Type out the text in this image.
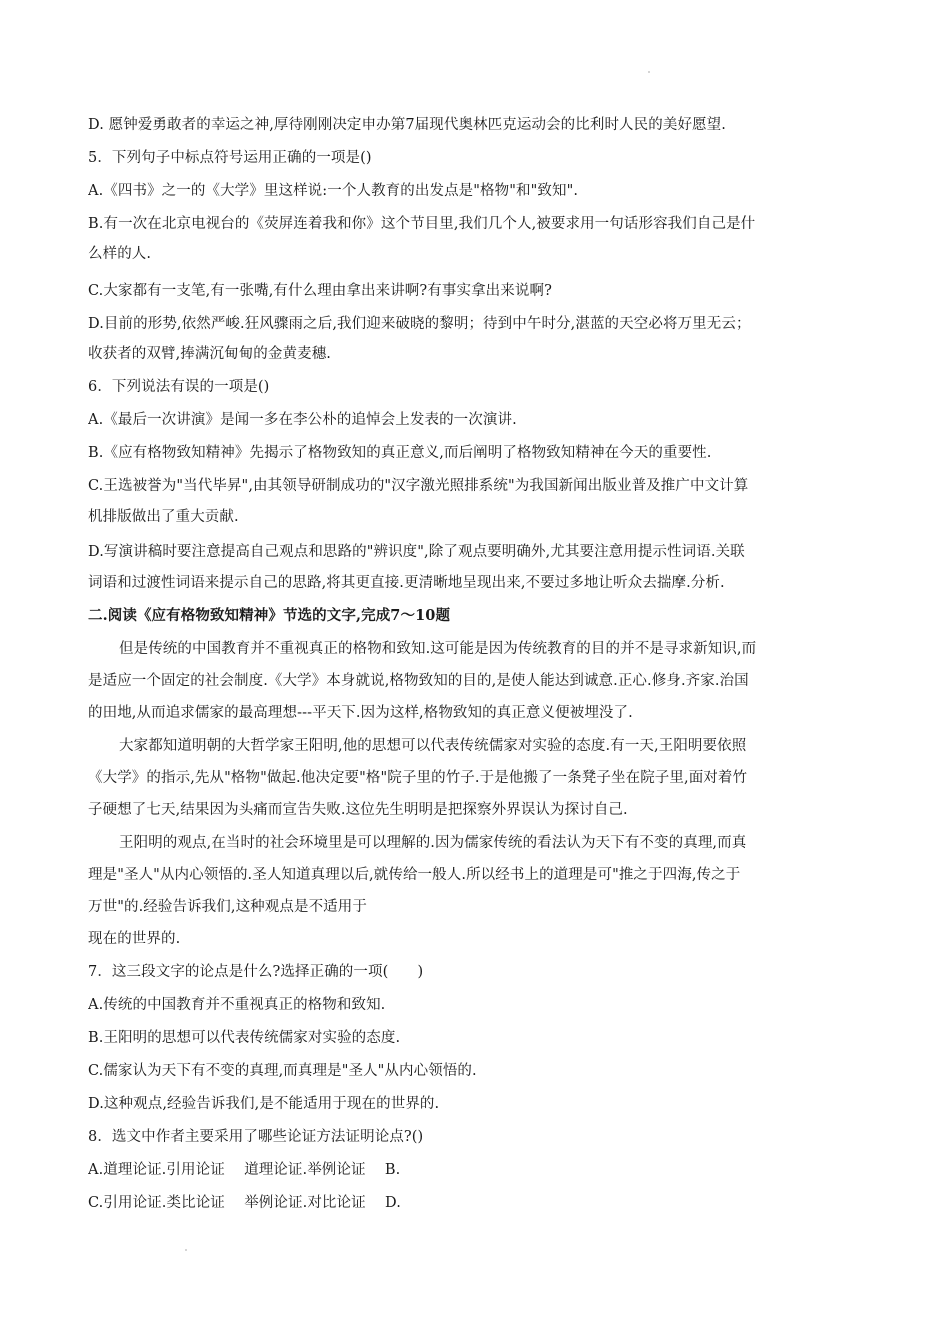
D. 愿钟爱勇敢者的幸运之神,厚待刚刚决定申办第7届现代奥林匹克运动会的比利时人民的美好愿望.
5．下列句子中标点符号运用正确的一项是()
A.《四书》之一的《大学》里这样说:一个人教育的出发点是"格物"和"致知".
B.有一次在北京电视台的《荧屏连着我和你》这个节目里,我们几个人,被要求用一句话形容我们自己是什
么样的人.
C.大家都有一支笔,有一张嘴,有什么理由拿出来讲啊?有事实拿出来说啊?
D.目前的形势,依然严峻.狂风骤雨之后,我们迎来破晓的黎明；待到中午时分,湛蓝的天空必将万里无云；
收获者的双臂,捧满沉甸甸的金黄麦穗.
6．下列说法有误的一项是()
A.《最后一次讲演》是闻一多在李公朴的追悼会上发表的一次演讲.
B.《应有格物致知精神》先揭示了格物致知的真正意义,而后阐明了格物致知精神在今天的重要性.
C.王选被誉为"当代毕昇",由其领导研制成功的"汉字激光照排系统"为我国新闻出版业普及推广中文计算
机排版做出了重大贡献.
D.写演讲稿时要注意提高自己观点和思路的"辨识度",除了观点要明确外,尤其要注意用提示性词语.关联
词语和过渡性词语来提示自己的思路,将其更直接.更清晰地呈现出来,不要过多地让听众去揣摩.分析.
二.阅读《应有格物致知精神》节选的文字,完成7～10题
但是传统的中国教育并不重视真正的格物和致知.这可能是因为传统教育的目的并不是寻求新知识,而
是适应一个固定的社会制度.《大学》本身就说,格物致知的目的,是使人能达到诚意.正心.修身.齐家.治国
的田地,从而追求儒家的最高理想---平天下.因为这样,格物致知的真正意义便被埋没了.
大家都知道明朝的大哲学家王阳明,他的思想可以代表传统儒家对实验的态度.有一天,王阳明要依照
《大学》的指示,先从"格物"做起.他决定要"格"院子里的竹子.于是他搬了一条凳子坐在院子里,面对着竹
子硬想了七天,结果因为头痛而宣告失败.这位先生明明是把探察外界误认为探讨自己.
王阳明的观点,在当时的社会环境里是可以理解的.因为儒家传统的看法认为天下有不变的真理,而真
理是"圣人"从内心领悟的.圣人知道真理以后,就传给一般人.所以经书上的道理是可"推之于四海,传之于
万世"的.经验告诉我们,这种观点是不适用于
现在的世界的.
7．这三段文字的论点是什么?选择正确的一项(　　)
A.传统的中国教育并不重视真正的格物和致知.
B.王阳明的思想可以代表传统儒家对实验的态度.
C.儒家认为天下有不变的真理,而真理是"圣人"从内心领悟的.
D.这种观点,经验告诉我们,是不能适用于现在的世界的.
8．选文中作者主要采用了哪些论证方法证明论点?()
A.道理论证.引用论证　 道理论证.举例论证　 B.
C.引用论证.类比论证　 举例论证.对比论证　 D.
